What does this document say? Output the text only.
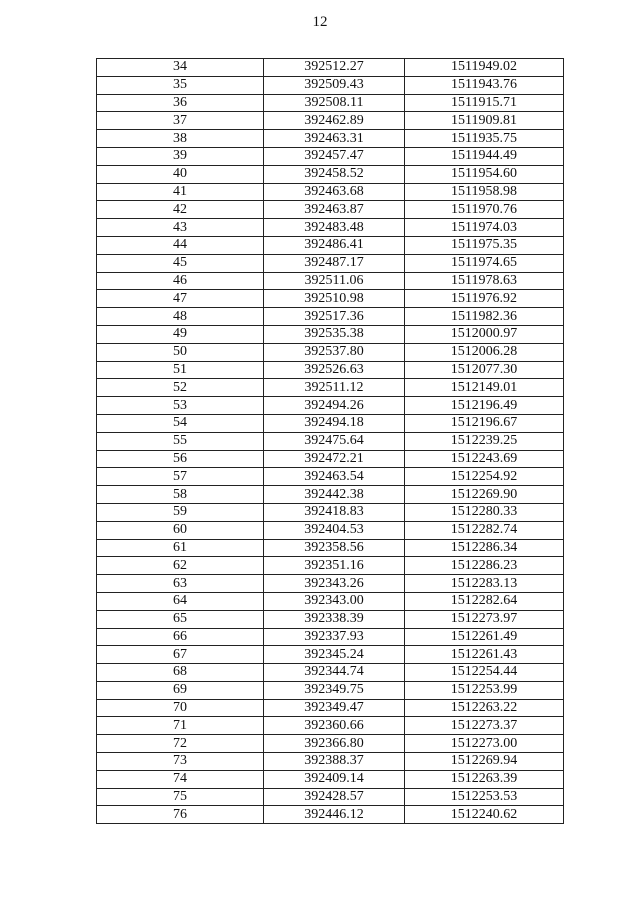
12
34	392512.27	1511949.02
35	392509.43	1511943.76
36	392508.11	1511915.71
37	392462.89	1511909.81
38	392463.31	1511935.75
39	392457.47	1511944.49
40	392458.52	1511954.60
41	392463.68	1511958.98
42	392463.87	1511970.76
43	392483.48	1511974.03
44	392486.41	1511975.35
45	392487.17	1511974.65
46	392511.06	1511978.63
47	392510.98	1511976.92
48	392517.36	1511982.36
49	392535.38	1512000.97
50	392537.80	1512006.28
51	392526.63	1512077.30
52	392511.12	1512149.01
53	392494.26	1512196.49
54	392494.18	1512196.67
55	392475.64	1512239.25
56	392472.21	1512243.69
57	392463.54	1512254.92
58	392442.38	1512269.90
59	392418.83	1512280.33
60	392404.53	1512282.74
61	392358.56	1512286.34
62	392351.16	1512286.23
63	392343.26	1512283.13
64	392343.00	1512282.64
65	392338.39	1512273.97
66	392337.93	1512261.49
67	392345.24	1512261.43
68	392344.74	1512254.44
69	392349.75	1512253.99
70	392349.47	1512263.22
71	392360.66	1512273.37
72	392366.80	1512273.00
73	392388.37	1512269.94
74	392409.14	1512263.39
75	392428.57	1512253.53
76	392446.12	1512240.62
